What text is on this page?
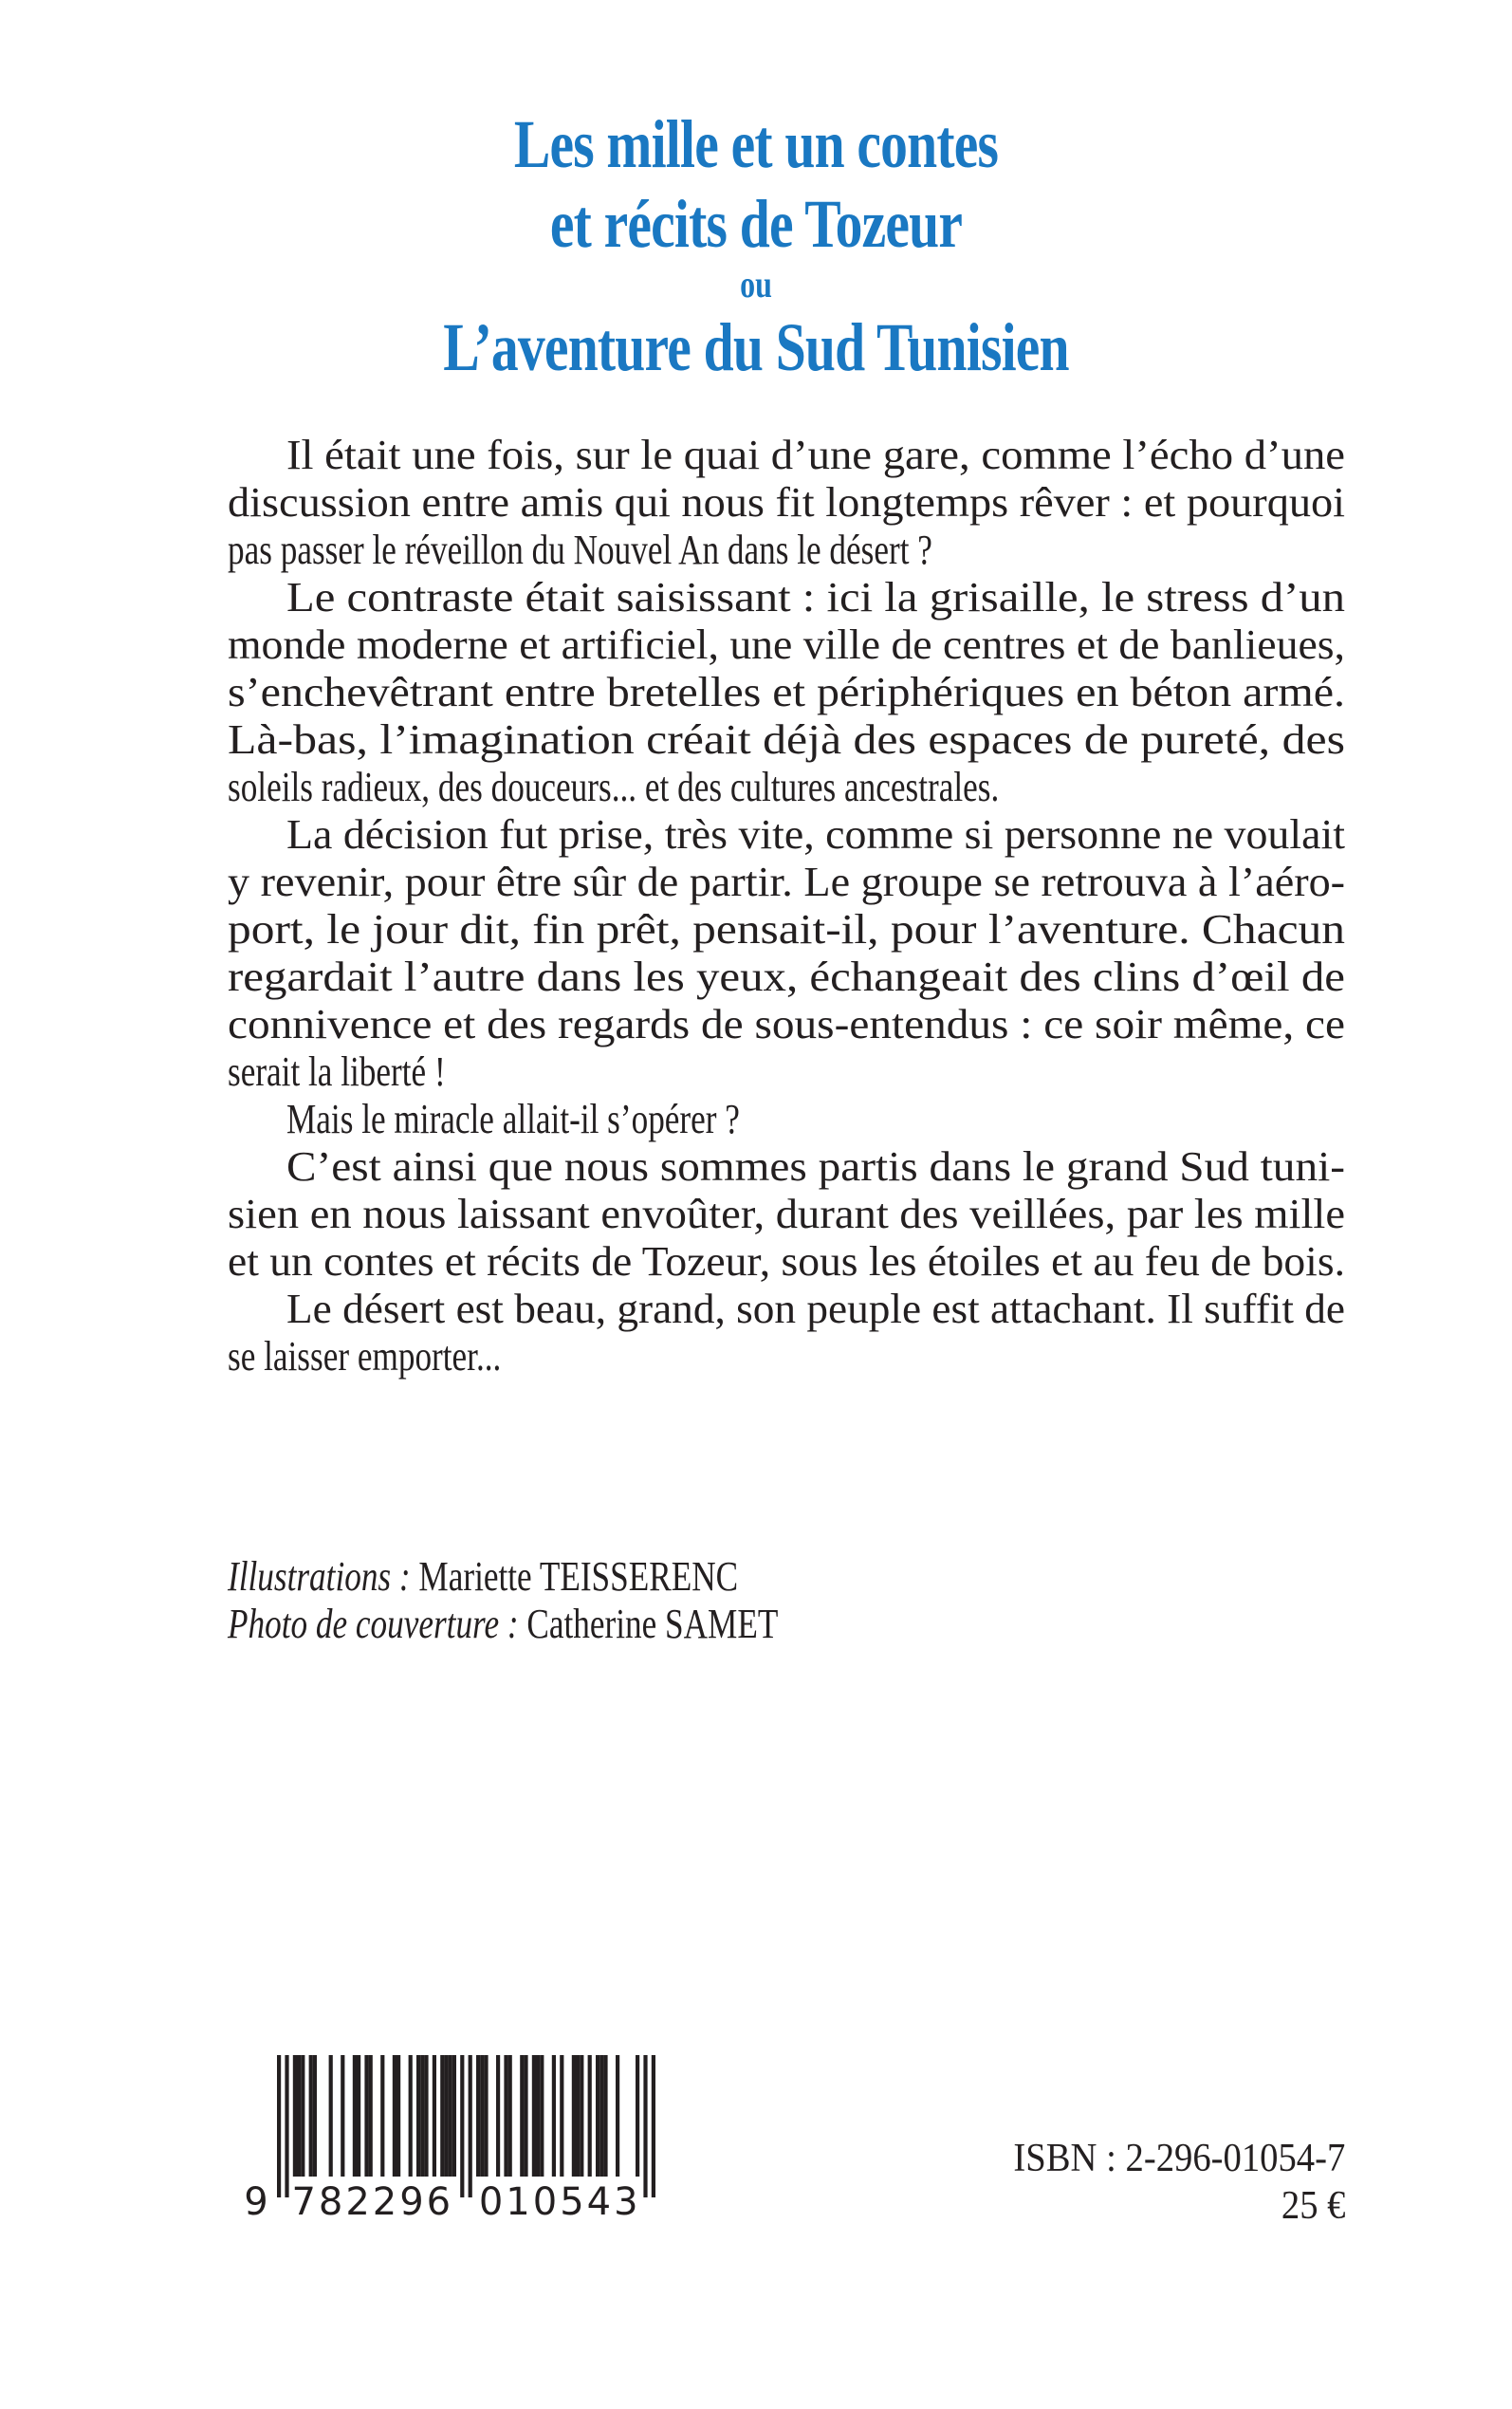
Les mille et un contes
et récits de Tozeur
ou
L’aventure du Sud Tunisien
Il était une fois, sur le quai d’une gare, comme l’écho d’une
discussion entre amis qui nous fit longtemps rêver : et pourquoi
pas passer le réveillon du Nouvel An dans le désert ?
Le contraste était saisissant : ici la grisaille, le stress d’un
monde moderne et artificiel, une ville de centres et de banlieues,
s’enchevêtrant entre bretelles et périphériques en béton armé.
Là-bas, l’imagination créait déjà des espaces de pureté, des
soleils radieux, des douceurs... et des cultures ancestrales.
La décision fut prise, très vite, comme si personne ne voulait
y revenir, pour être sûr de partir. Le groupe se retrouva à l’aéro-
port, le jour dit, fin prêt, pensait-il, pour l’aventure. Chacun
regardait l’autre dans les yeux, échangeait des clins d’œil de
connivence et des regards de sous-entendus : ce soir même, ce
serait la liberté !
Mais le miracle allait-il s’opérer ?
C’est ainsi que nous sommes partis dans le grand Sud tuni-
sien en nous laissant envoûter, durant des veillées, par les mille
et un contes et récits de Tozeur, sous les étoiles et au feu de bois.
Le désert est beau, grand, son peuple est attachant. Il suffit de
se laisser emporter...
Illustrations : Mariette TEISSERENC
Photo de couverture : Catherine SAMET
9 782296 010543
ISBN : 2-296-01054-7
25 €
